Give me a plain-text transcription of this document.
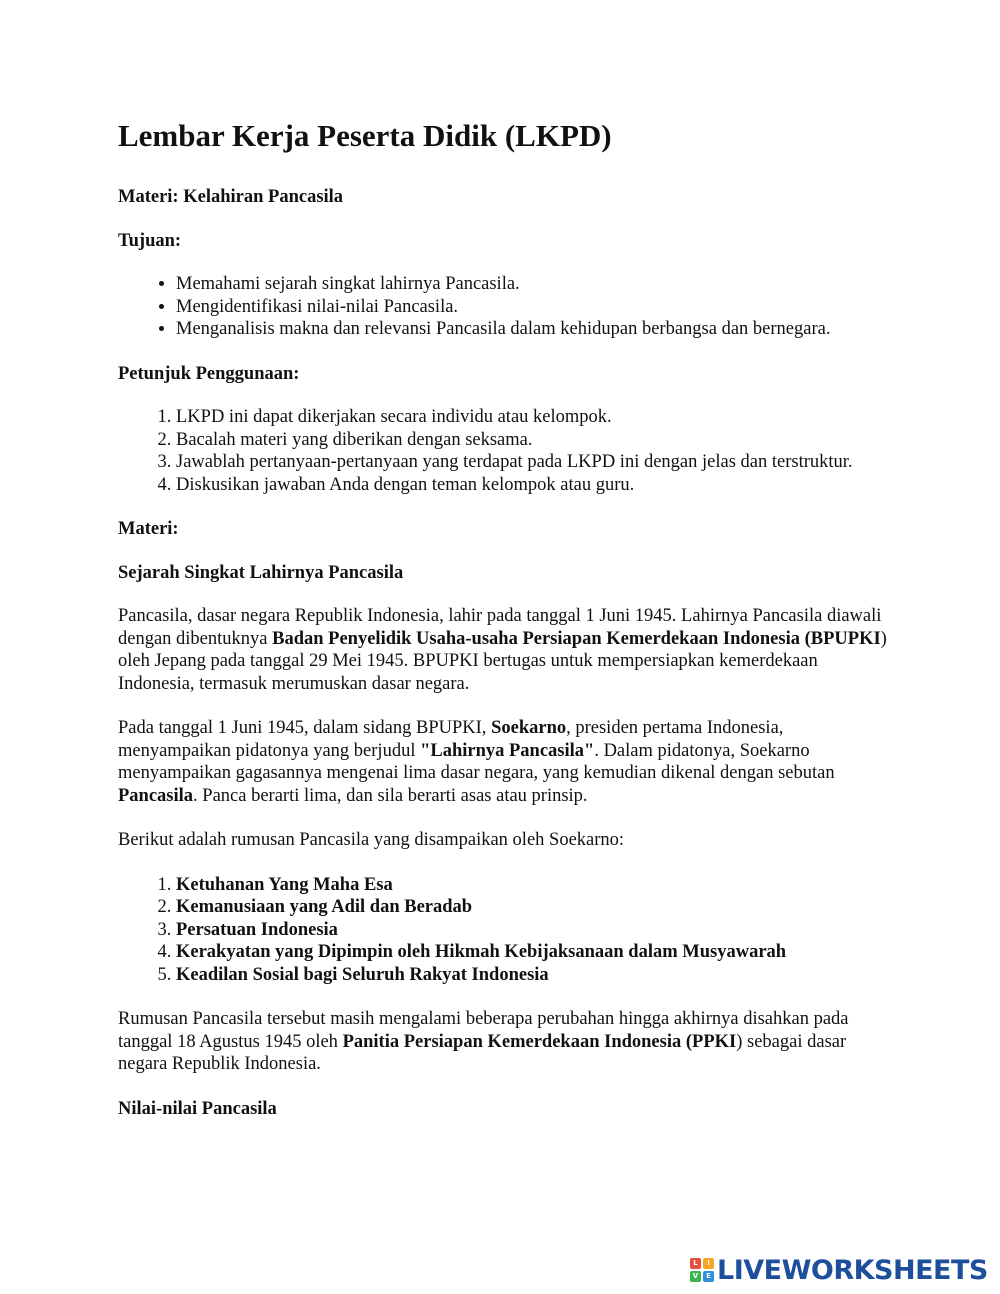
Lembar Kerja Peserta Didik (LKPD)
Materi: Kelahiran Pancasila
Tujuan:
• Memahami sejarah singkat lahirnya Pancasila.
• Mengidentifikasi nilai-nilai Pancasila.
• Menganalisis makna dan relevansi Pancasila dalam kehidupan berbangsa dan bernegara.
Petunjuk Penggunaan:
1. LKPD ini dapat dikerjakan secara individu atau kelompok.
2. Bacalah materi yang diberikan dengan seksama.
3. Jawablah pertanyaan-pertanyaan yang terdapat pada LKPD ini dengan jelas dan terstruktur.
4. Diskusikan jawaban Anda dengan teman kelompok atau guru.
Materi:
Sejarah Singkat Lahirnya Pancasila

Pancasila, dasar negara Republik Indonesia, lahir pada tanggal 1 Juni 1945. Lahirnya Pancasila diawali dengan dibentuknya Badan Penyelidik Usaha-usaha Persiapan Kemerdekaan Indonesia (BPUPKI) oleh Jepang pada tanggal 29 Mei 1945. BPUPKI bertugas untuk mempersiapkan kemerdekaan Indonesia, termasuk merumuskan dasar negara.

Pada tanggal 1 Juni 1945, dalam sidang BPUPKI, Soekarno, presiden pertama Indonesia, menyampaikan pidatonya yang berjudul "Lahirnya Pancasila". Dalam pidatonya, Soekarno menyampaikan gagasannya mengenai lima dasar negara, yang kemudian dikenal dengan sebutan Pancasila. Panca berarti lima, dan sila berarti asas atau prinsip.

Berikut adalah rumusan Pancasila yang disampaikan oleh Soekarno:

1. Ketuhanan Yang Maha Esa
2. Kemanusiaan yang Adil dan Beradab
3. Persatuan Indonesia
4. Kerakyatan yang Dipimpin oleh Hikmah Kebijaksanaan dalam Musyawarah
5. Keadilan Sosial bagi Seluruh Rakyat Indonesia

Rumusan Pancasila tersebut masih mengalami beberapa perubahan hingga akhirnya disahkan pada tanggal 18 Agustus 1945 oleh Panitia Persiapan Kemerdekaan Indonesia (PPKI) sebagai dasar negara Republik Indonesia.

Nilai-nilai Pancasila
L	I
V	E LIVEWORKSHEETS
